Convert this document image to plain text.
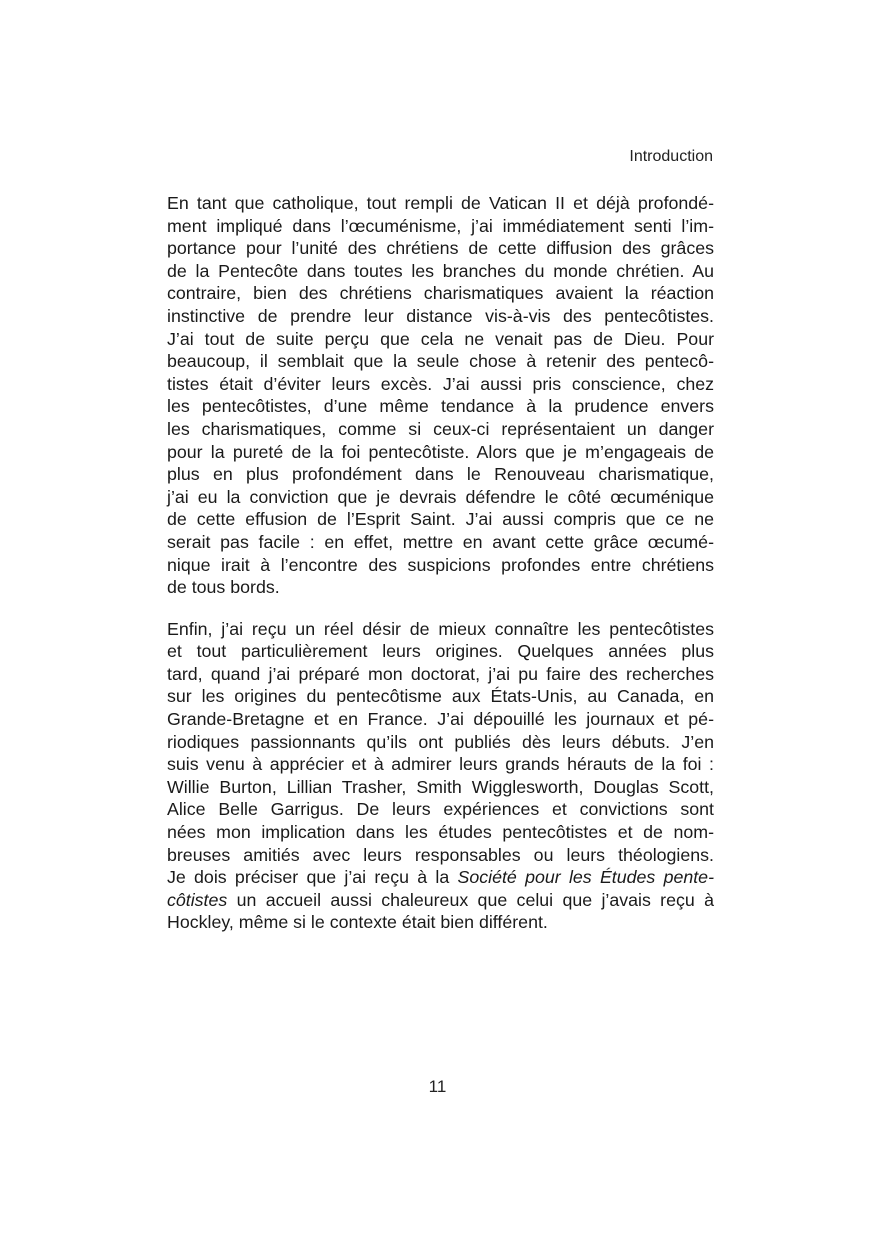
Introduction

En tant que catholique, tout rempli de Vatican II et déjà profondé-
ment impliqué dans l’œcuménisme, j’ai immédiatement senti l’im-
portance pour l’unité des chrétiens de cette diffusion des grâces
de la Pentecôte dans toutes les branches du monde chrétien. Au
contraire, bien des chrétiens charismatiques avaient la réaction
instinctive de prendre leur distance vis-à-vis des pentecôtistes.
J’ai tout de suite perçu que cela ne venait pas de Dieu. Pour
beaucoup, il semblait que la seule chose à retenir des pentecô-
tistes était d’éviter leurs excès. J’ai aussi pris conscience, chez
les pentecôtistes, d’une même tendance à la prudence envers
les charismatiques, comme si ceux-ci représentaient un danger
pour la pureté de la foi pentecôtiste. Alors que je m’engageais de
plus en plus profondément dans le Renouveau charismatique,
j’ai eu la conviction que je devrais défendre le côté œcuménique
de cette effusion de l’Esprit Saint. J’ai aussi compris que ce ne
serait pas facile : en effet, mettre en avant cette grâce œcumé-
nique irait à l’encontre des suspicions profondes entre chrétiens
de tous bords.

Enfin, j’ai reçu un réel désir de mieux connaître les pentecôtistes
et tout particulièrement leurs origines. Quelques années plus
tard, quand j’ai préparé mon doctorat, j’ai pu faire des recherches
sur les origines du pentecôtisme aux États-Unis, au Canada, en
Grande-Bretagne et en France. J’ai dépouillé les journaux et pé-
riodiques passionnants qu’ils ont publiés dès leurs débuts. J’en
suis venu à apprécier et à admirer leurs grands hérauts de la foi :
Willie Burton, Lillian Trasher, Smith Wigglesworth, Douglas Scott,
Alice Belle Garrigus. De leurs expériences et convictions sont
nées mon implication dans les études pentecôtistes et de nom-
breuses amitiés avec leurs responsables ou leurs théologiens.
Je dois préciser que j’ai reçu à la Société pour les Études pente-
côtistes un accueil aussi chaleureux que celui que j’avais reçu à
Hockley, même si le contexte était bien différent.

11
